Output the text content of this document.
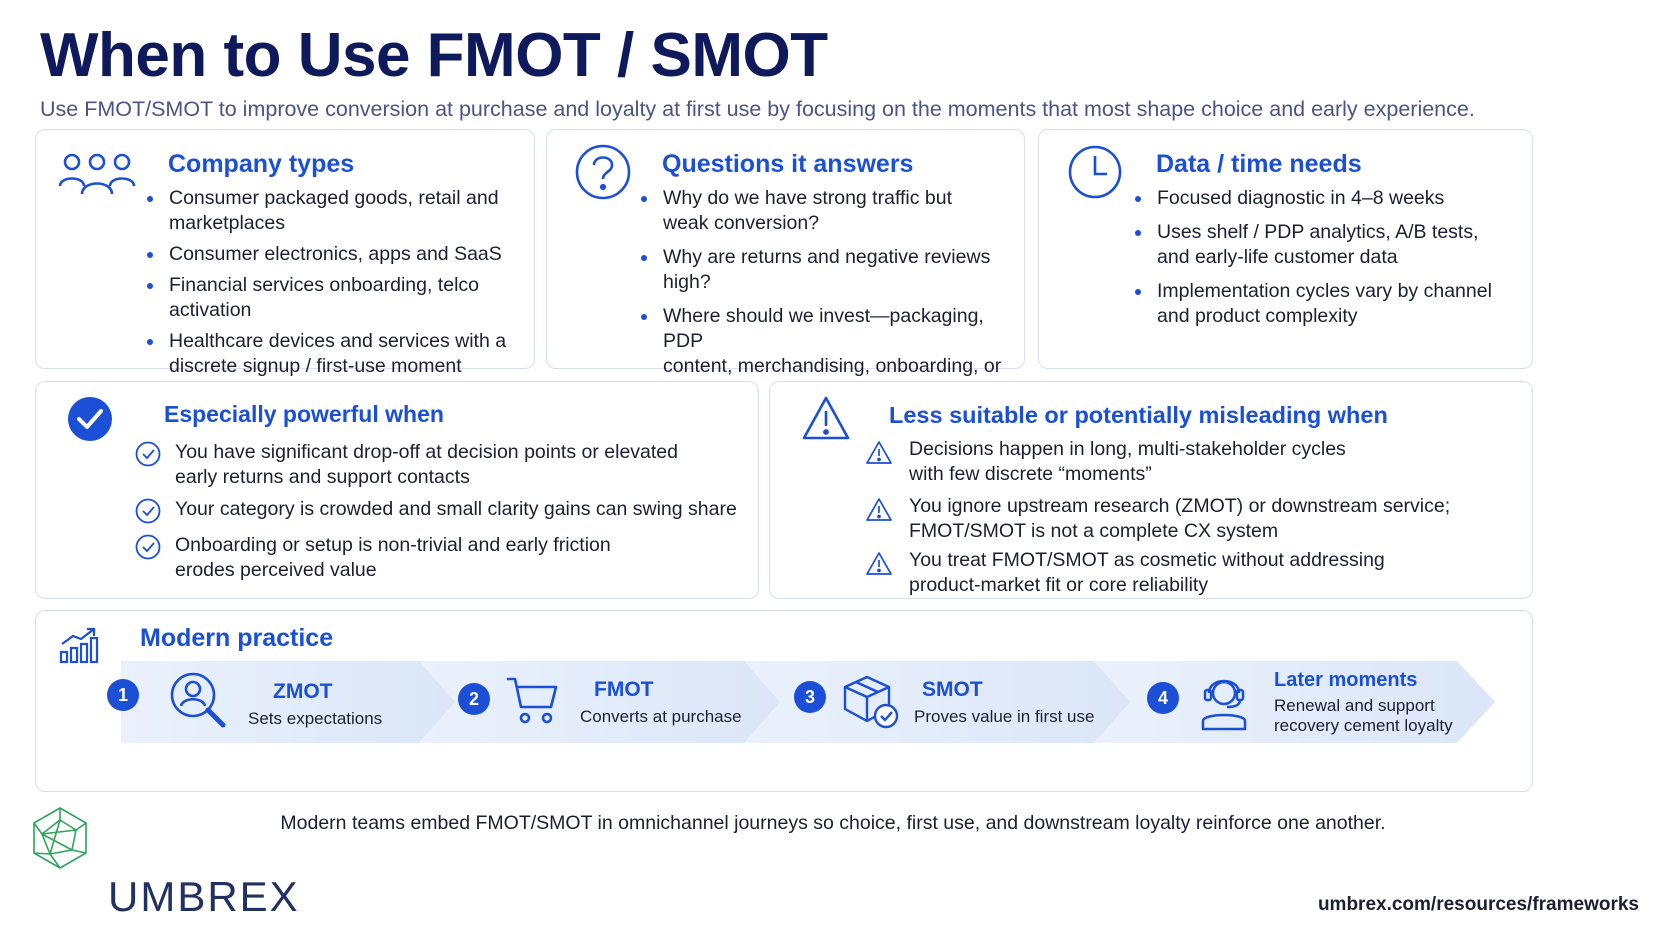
When to Use FMOT / SMOT
Use FMOT/SMOT to improve conversion at purchase and loyalty at first use by focusing on the moments that most shape choice and early experience.
Company types
Consumer packaged goods, retail and
marketplaces
Consumer electronics, apps and SaaS
Financial services onboarding, telco activation
Healthcare devices and services with a
discrete signup / first-use moment
Questions it answers
Why do we have strong traffic but
weak conversion?
Why are returns and negative reviews high?
Where should we invest—packaging, PDP
content, merchandising, onboarding, or
Data / time needs
Focused diagnostic in 4–8 weeks
Uses shelf / PDP analytics, A/B tests,
and early-life customer data
Implementation cycles vary by channel
and product complexity
Especially powerful when
You have significant drop-off at decision points or elevated
early returns and support contacts
Your category is crowded and small clarity gains can swing share
Onboarding or setup is non-trivial and early friction
erodes perceived value
Less suitable or potentially misleading when
Decisions happen in long, multi-stakeholder cycles
with few discrete “moments”
You ignore upstream research (ZMOT) or downstream service;
FMOT/SMOT is not a complete CX system
You treat FMOT/SMOT as cosmetic without addressing
product-market fit or core reliability
Modern practice
1	ZMOT
Sets expectations
2	FMOT
Converts at purchase
3	SMOT
Proves value in first use
4
Later moments
Renewal and support
recovery cement loyalty
Modern teams embed FMOT/SMOT in omnichannel journeys so choice, first use, and downstream loyalty reinforce one another.
UMBREX	umbrex.com/resources/frameworks
